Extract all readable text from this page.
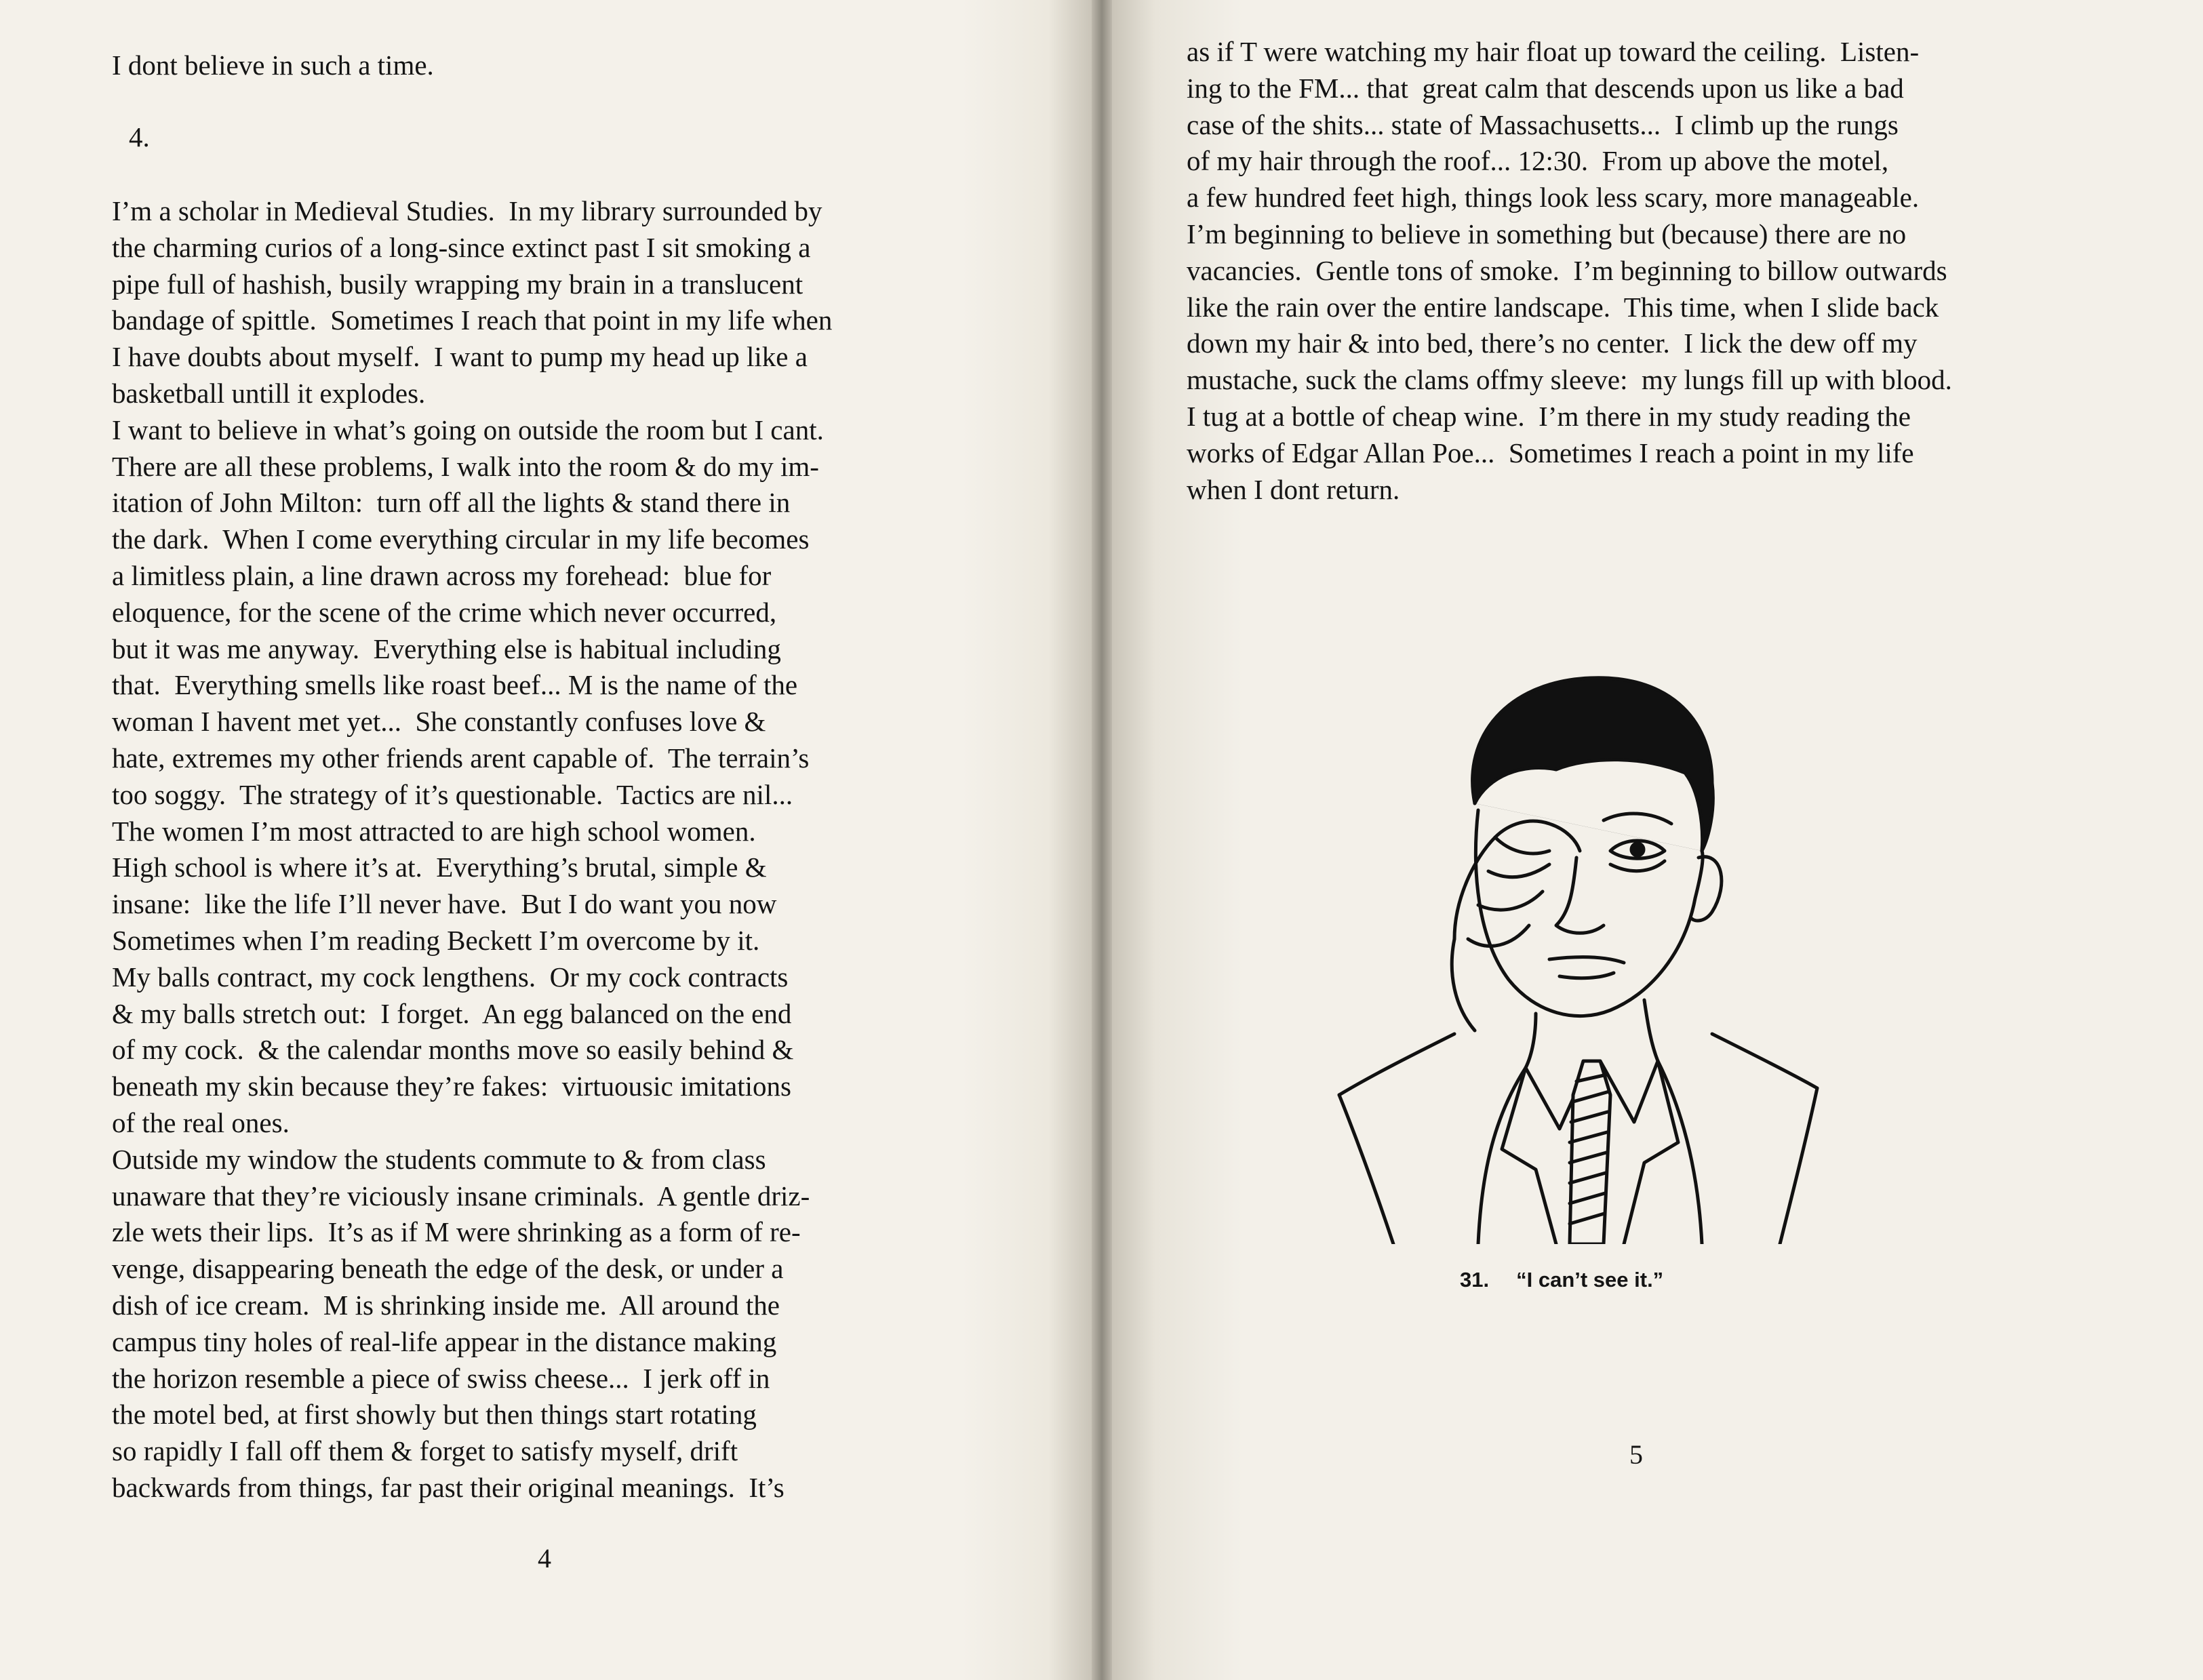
I dont believe in such a time.

4.

I’m a scholar in Medieval Studies.  In my library surrounded by
the charming curios of a long-since extinct past I sit smoking a
pipe full of hashish, busily wrapping my brain in a translucent
bandage of spittle.  Sometimes I reach that point in my life when
I have doubts about myself.  I want to pump my head up like a
basketball untill it explodes.
I want to believe in what’s going on outside the room but I cant.
There are all these problems, I walk into the room & do my im-
itation of John Milton:  turn off all the lights & stand there in
the dark.  When I come everything circular in my life becomes
a limitless plain, a line drawn across my forehead:  blue for
eloquence, for the scene of the crime which never occurred,
but it was me anyway.  Everything else is habitual including
that.  Everything smells like roast beef... M is the name of the
woman I havent met yet...  She constantly confuses love &
hate, extremes my other friends arent capable of.  The terrain’s
too soggy.  The strategy of it’s questionable.  Tactics are nil...
The women I’m most attracted to are high school women.
High school is where it’s at.  Everything’s brutal, simple &
insane:  like the life I’ll never have.  But I do want you now
Sometimes when I’m reading Beckett I’m overcome by it.
My balls contract, my cock lengthens.  Or my cock contracts
& my balls stretch out:  I forget.  An egg balanced on the end
of my cock.  & the calendar months move so easily behind &
beneath my skin because they’re fakes:  virtuousic imitations
of the real ones.
Outside my window the students commute to & from class
unaware that they’re viciously insane criminals.  A gentle driz-
zle wets their lips.  It’s as if M were shrinking as a form of re-
venge, disappearing beneath the edge of the desk, or under a
dish of ice cream.  M is shrinking inside me.  All around the
campus tiny holes of real-life appear in the distance making
the horizon resemble a piece of swiss cheese...  I jerk off in
the motel bed, at first showly but then things start rotating
so rapidly I fall off them & forget to satisfy myself, drift
backwards from things, far past their original meanings.  It’s

4

as if T were watching my hair float up toward the ceiling.  Listen-
ing to the FM... that  great calm that descends upon us like a bad
case of the shits... state of Massachusetts...  I climb up the rungs
of my hair through the roof... 12:30.  From up above the motel,
a few hundred feet high, things look less scary, more manageable.
I’m beginning to believe in something but (because) there are no
vacancies.  Gentle tons of smoke.  I’m beginning to billow outwards
like the rain over the entire landscape.  This time, when I slide back
down my hair & into bed, there’s no center.  I lick the dew off my
mustache, suck the clams offmy sleeve:  my lungs fill up with blood.
I tug at a bottle of cheap wine.  I’m there in my study reading the
works of Edgar Allan Poe...  Sometimes I reach a point in my life
when I dont return.

31. “I can’t see it.”
5
